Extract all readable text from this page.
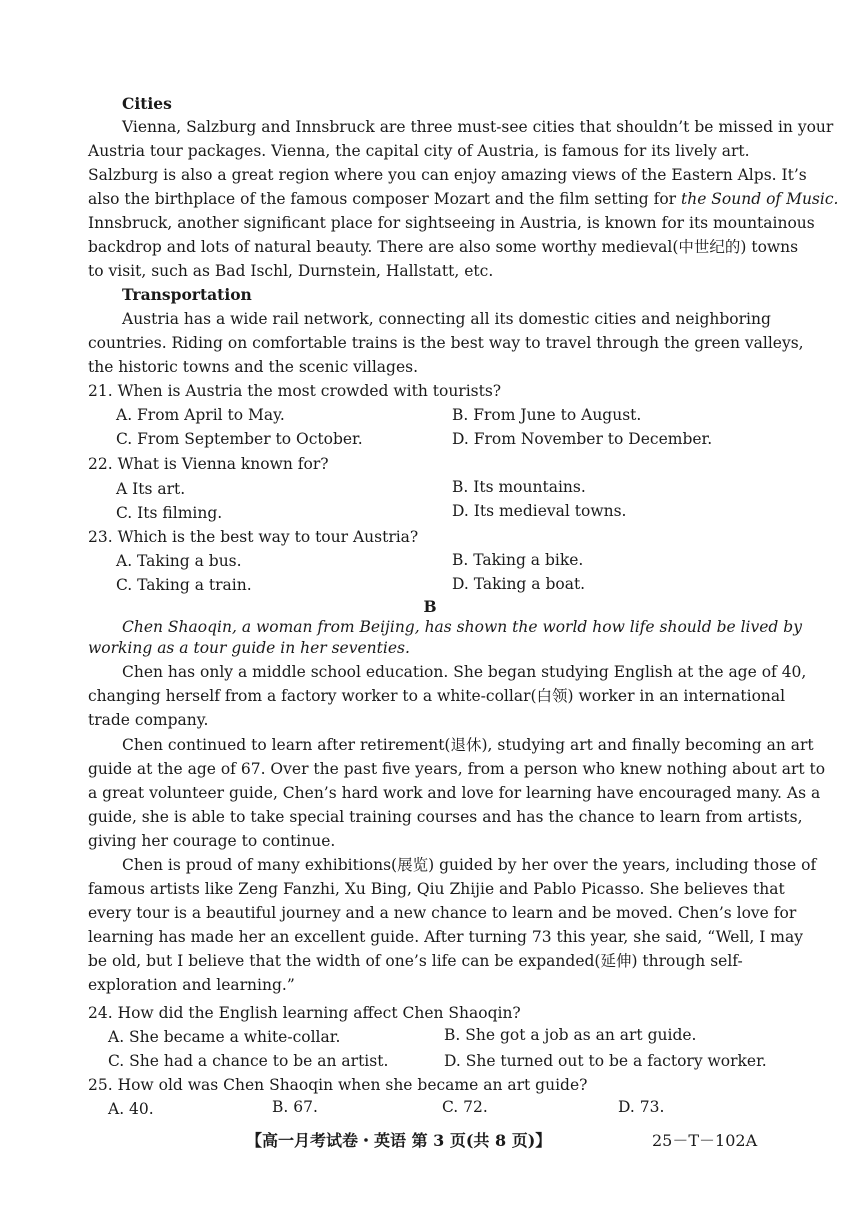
Cities
Vienna, Salzburg and Innsbruck are three must-see cities that shouldn’t be missed in your
Austria tour packages. Vienna, the capital city of Austria, is famous for its lively art.
Salzburg is also a great region where you can enjoy amazing views of the Eastern Alps. It’s
also the birthplace of the famous composer Mozart and the film setting for the Sound of Music.
Innsbruck, another significant place for sightseeing in Austria, is known for its mountainous
backdrop and lots of natural beauty. There are also some worthy medieval(中世纪的) towns
to visit, such as Bad Ischl, Durnstein, Hallstatt, etc.
Transportation
Austria has a wide rail network, connecting all its domestic cities and neighboring
countries. Riding on comfortable trains is the best way to travel through the green valleys,
the historic towns and the scenic villages.
21. When is Austria the most crowded with tourists?
A. From April to May.	B. From June to August.
C. From September to October.	D. From November to December.
22. What is Vienna known for?
A Its art.	B. Its mountains.
C. Its filming.	D. Its medieval towns.
23. Which is the best way to tour Austria?
A. Taking a bus.	B. Taking a bike.
C. Taking a train.	D. Taking a boat.
B
Chen Shaoqin, a woman from Beijing, has shown the world how life should be lived by
working as a tour guide in her seventies.
Chen has only a middle school education. She began studying English at the age of 40,
changing herself from a factory worker to a white-collar(白领) worker in an international
trade company.
Chen continued to learn after retirement(退休), studying art and finally becoming an art
guide at the age of 67. Over the past five years, from a person who knew nothing about art to
a great volunteer guide, Chen’s hard work and love for learning have encouraged many. As a
guide, she is able to take special training courses and has the chance to learn from artists,
giving her courage to continue.
Chen is proud of many exhibitions(展览) guided by her over the years, including those of
famous artists like Zeng Fanzhi, Xu Bing, Qiu Zhijie and Pablo Picasso. She believes that
every tour is a beautiful journey and a new chance to learn and be moved. Chen’s love for
learning has made her an excellent guide. After turning 73 this year, she said, “Well, I may
be old, but I believe that the width of one’s life can be expanded(延伸) through self-
exploration and learning.”
24. How did the English learning affect Chen Shaoqin?
A. She became a white-collar.	B. She got a job as an art guide.
C. She had a chance to be an artist.	D. She turned out to be a factory worker.
25. How old was Chen Shaoqin when she became an art guide?
A. 40.	B. 67.	C. 72.	D. 73.
【高一月考试卷・英语 第 3 页(共 8 页)】	25－T－102A
